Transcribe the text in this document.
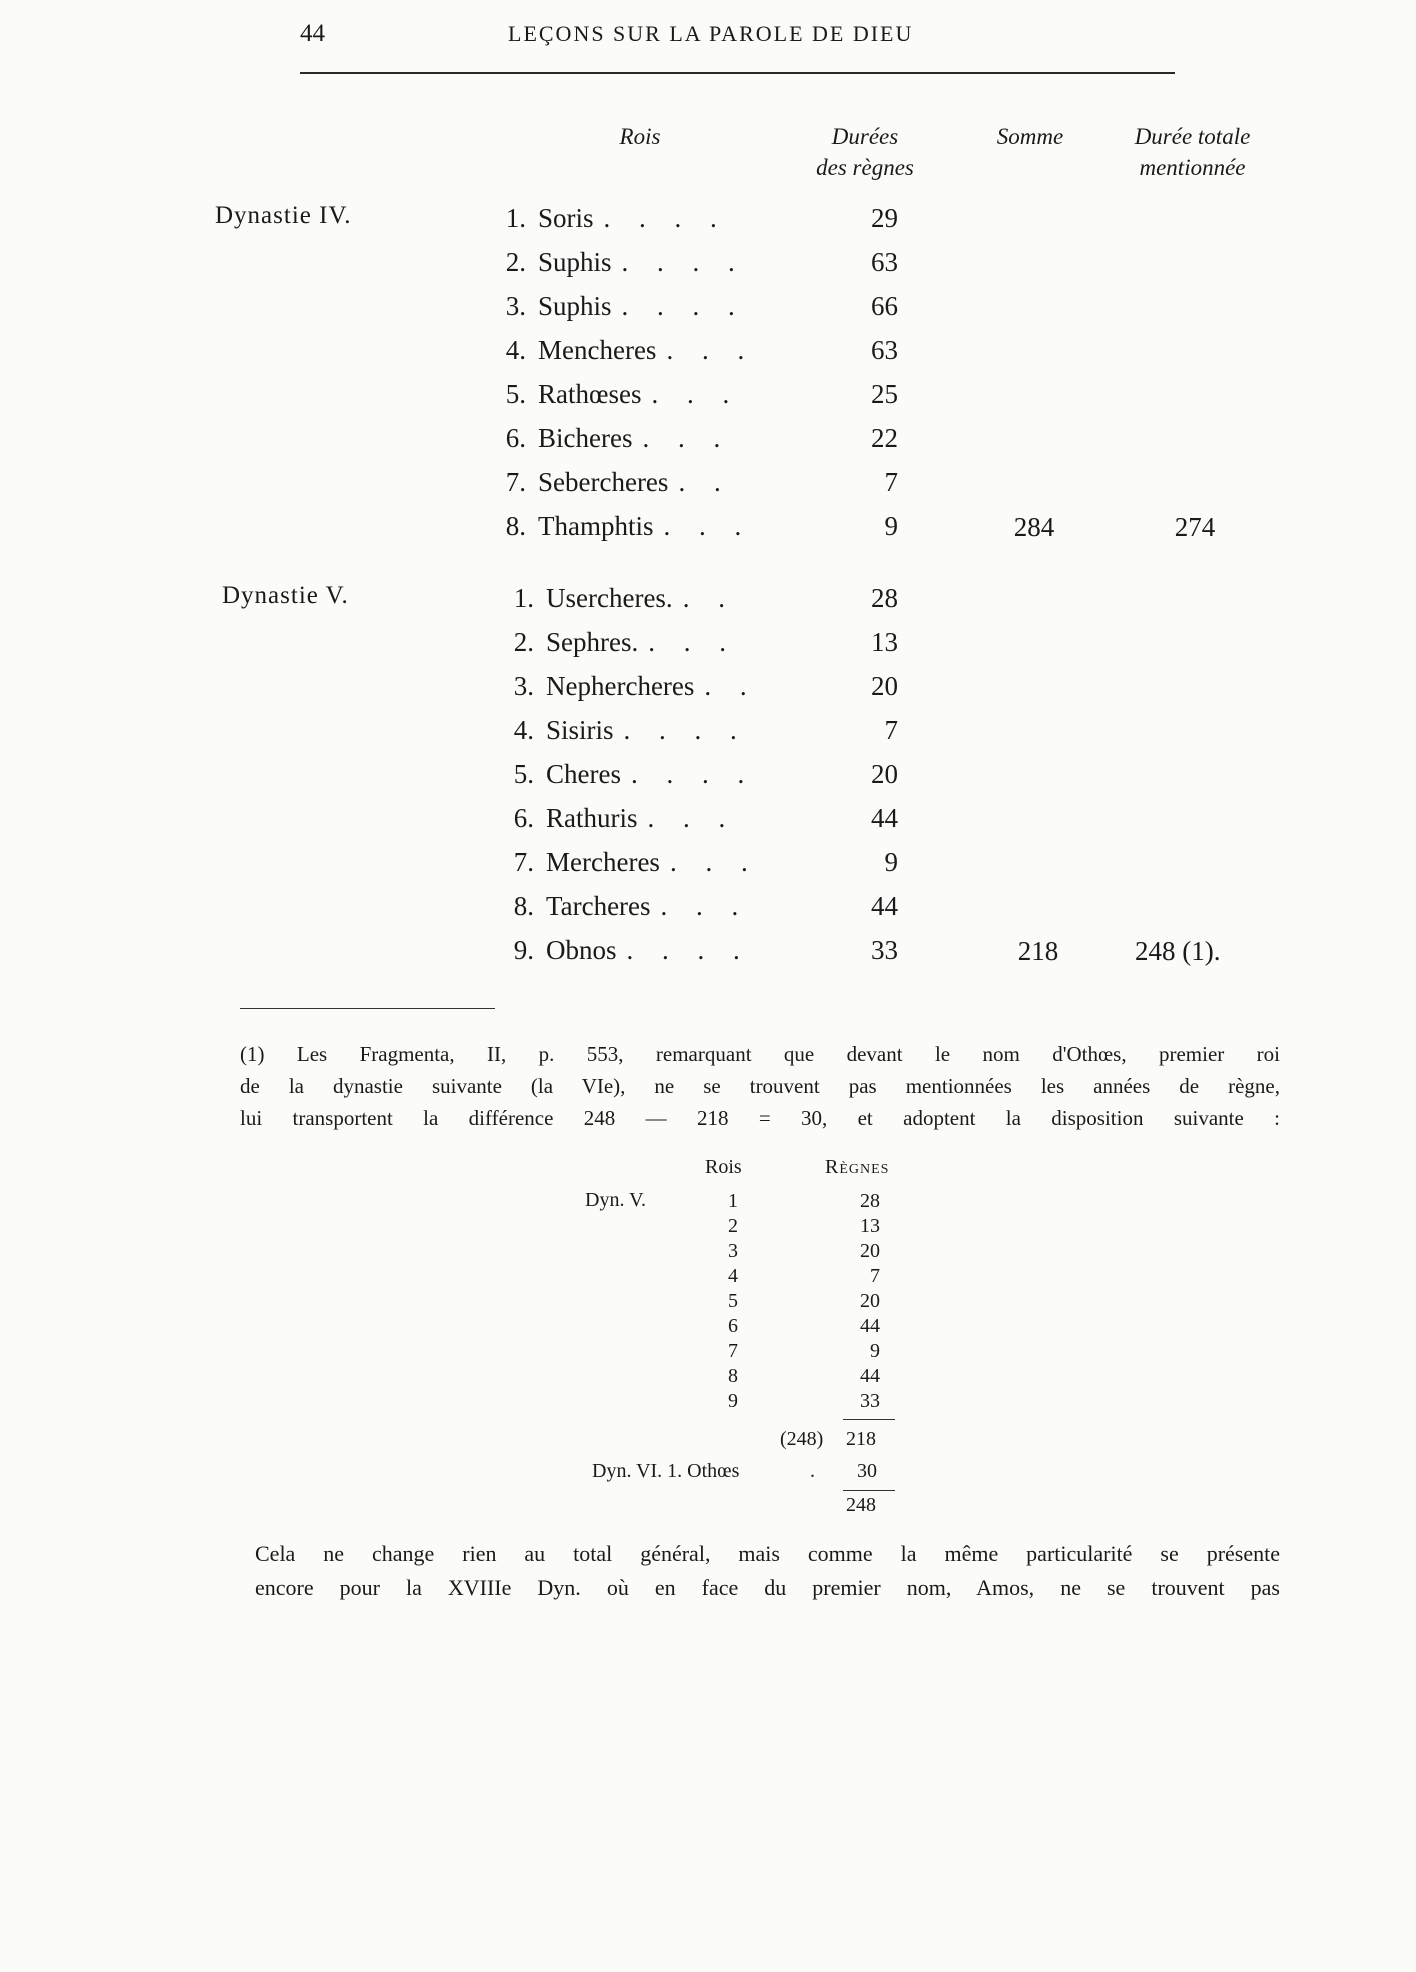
44	LEÇONS SUR LA PAROLE DE DIEU
Rois	Durées
des règnes
Somme	Durée totale
mentionnée
Dynastie IV.	1. Soris . . . .	29
2. Suphis . . . .	63
3. Suphis . . . .	66
4. Mencheres . . .	63
5. Rathœses . . .	25
6. Bicheres . . .	22
7. Sebercheres . .	7
8. Thamphtis . . .	9	284	274
Dynastie V.	1. Usercheres. . .	28
2. Sephres. . . .	13
3. Nephercheres . .	20
4. Sisiris . . . .	7
5. Cheres . . . .	20
6. Rathuris . . .	44
7. Mercheres . . .	9
8. Tarcheres . . .	44
9. Obnos . . . .	33	218	248 (1).
(1) Les Fragmenta, II, p. 553, remarquant que devant le nom d'Othœs, premier roi
de la dynastie suivante (la VIe), ne se trouvent pas mentionnées les années de règne,
lui transportent la différence 248 — 218 = 30, et adoptent la disposition suivante :
Rois	Règnes
Dyn. V.	1	28
2	13
3	20
4	7
5	20
6	44
7	9
8	44
9	33
(248) 218
Dyn. VI. 1. Othœs	. 30
248
Cela ne change rien au total général, mais comme la même particularité se présente
encore pour la XVIIIe Dyn. où en face du premier nom, Amos, ne se trouvent pas
